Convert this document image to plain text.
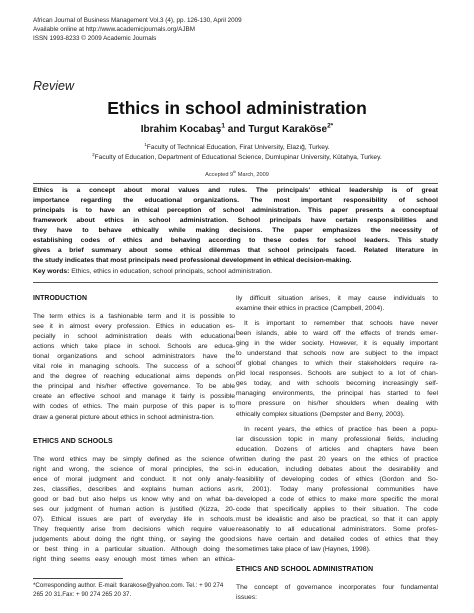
African Journal of Business Management Vol.3 (4), pp. 126-130, April 2009
Available online at http://www.academicjournals.org/AJBM
ISSN 1993-8233 © 2009 Academic Journals
Review
Ethics in school administration
Ibrahim Kocabaş$^1$ and Turgut Karaköse$^{2*}$
$^1$Faculty of Technical Education, Firat University, Elazığ, Turkey.
$^2$Faculty of Education, Department of Educational Science, Dumlupinar University, Kütahya, Turkey.
Accepted 9th March, 2009
Ethics is a concept about moral values and rules. The principals' ethical leadership is of great
importance regarding the educational organizations. The most important responsibility of school
principals is to have an ethical perception of school administration. This paper presents a conceptual
framework about ethics in school administration. School principals have certain responsibilities and
they have to behave ethically while making decisions. The paper emphasizes the necessity of
establishing codes of ethics and behaving according to these codes for school leaders. This study
gives a brief summary about some ethical dilemmas that school principals faced. Related literature in
the study indicates that most principals need professional development in ethical decision-making.
Key words: Ethics, ethics in education, school principals, school administration.
INTRODUCTION

The term ethics is a fashionable term and it is possible to
see it in almost every profession. Ethics in education es-
pecially in school administration deals with educational
actions which take place in school. Schools are educa-
tional organizations and school administrators have the
vital role in managing schools. The success of a school
and the degree of reaching educational aims depends on
the principal and his/her effective governance. To be able
create an effective school and manage it fairly is possible
with codes of ethics. The main purpose of this paper is to
draw a general picture about ethics in school administra-tion.

ETHICS AND SCHOOLS

The word ethics may be simply defined as the science of
right and wrong, the science of moral principles, the sci-
ence of moral judgment and conduct. It not only analy-
zes, classifies, describes and explains human actions as
good or bad but also helps us know why and on what ba-
ses our judgment of human action is justified (Kizza, 20-
07). Ethical issues are part of everyday life in schools.
They frequently arise from decisions which require value
judgements about doing the right thing, or saying the good
or best thing in a particular situation. Although doing the
right thing seems easy enough most times when an ethica-

lly difficult situation arises, it may cause individuals to
examine their ethics in practice (Campbell, 2004).

It is important to remember that schools have never
been islands, able to ward off the effects of trends emer-
ging in the wider society. However, it is equally important
to understand that schools now are subject to the impact
of global changes to which their stakeholders require ra-
pid local responses. Schools are subject to a lot of chan-
ges today, and with schools becoming increasingly self-
managing environments, the principal has started to feel
more pressure on his/her shoulders when dealing with
ethically complex situations (Dempster and Berry, 2003).

In recent years, the ethics of practice has been a popu-
lar discussion topic in many professional fields, including
education. Dozens of articles and chapters have been
written during the past 20 years on the ethics of practice
in education, including debates about the desirability and
feasibility of developing codes of ethics (Gordon and So-
rk, 2001). Today many professional communities have
developed a code of ethics to make more specific the moral
code that specifically applies to their situation. The code
must be idealistic and also be practical, so that it can apply
reasonably to all educational administrators. Some profes-
sions have certain and detailed codes of ethics that they
sometimes take place of law (Haynes, 1998).

ETHICS AND SCHOOL ADMINISTRATION

The concept of governance incorporates four fundamental
issues:

*Corresponding author. E-mail: tkarakose@yahoo.com. Tel.: + 90 274 265 20 31.Fax: + 90 274 265 20 37.
